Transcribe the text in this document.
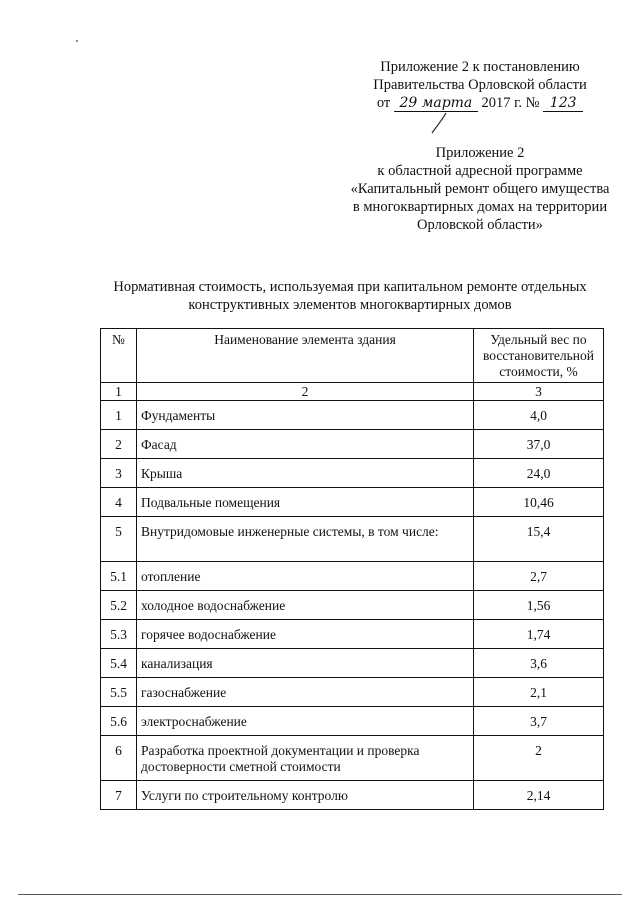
Приложение 2 к постановлению
Правительства Орловской области
от 29 марта 2017 г. № 123
Приложение 2
к областной адресной программе
«Капитальный ремонт общего имущества
в многоквартирных домах на территории
Орловской области»
Нормативная стоимость, используемая при капитальном ремонте отдельных
конструктивных элементов многоквартирных домов
№	Наименование элемента здания	Удельный вес по восстановительной стоимости, %
1	2	3
1	Фундаменты	4,0
2	Фасад	37,0
3	Крыша	24,0
4	Подвальные помещения	10,46
5	Внутридомовые инженерные системы, в том числе:	15,4
5.1	отопление	2,7
5.2	холодное водоснабжение	1,56
5.3	горячее водоснабжение	1,74
5.4	канализация	3,6
5.5	газоснабжение	2,1
5.6	электроснабжение	3,7
6	Разработка проектной документации и проверка достоверности сметной стоимости	2
7	Услуги по строительному контролю	2,14
